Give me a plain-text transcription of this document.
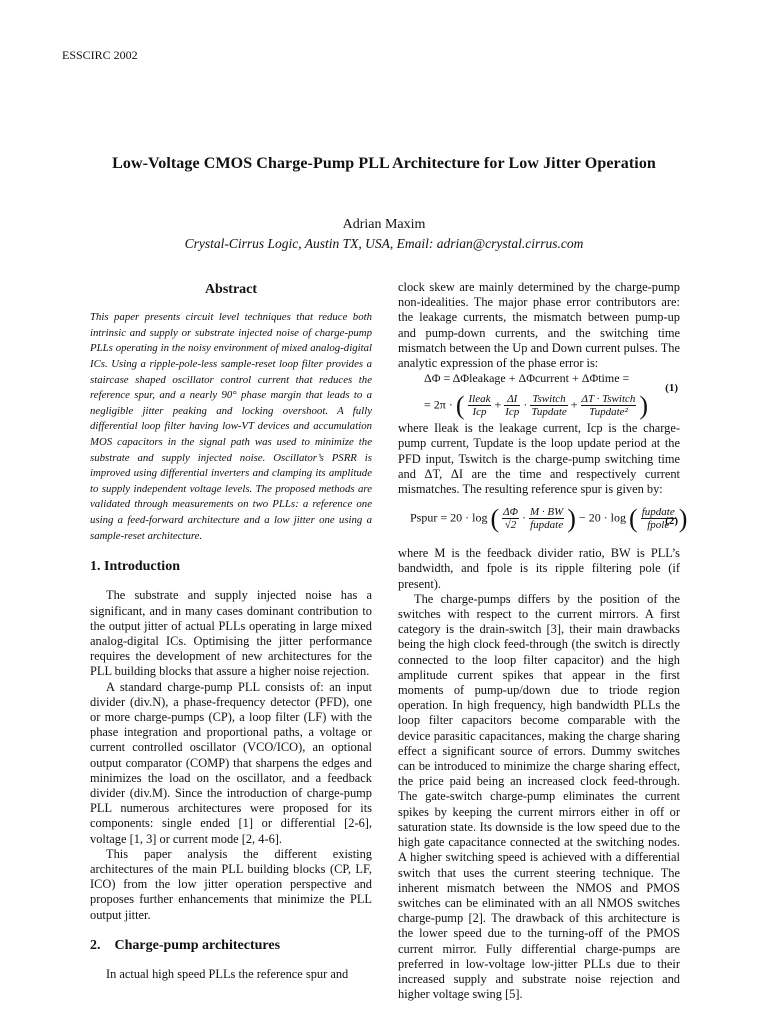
ESSCIRC 2002
Low-Voltage CMOS Charge-Pump PLL Architecture for Low Jitter Operation
Adrian Maxim
Crystal-Cirrus Logic, Austin TX, USA, Email: adrian@crystal.cirrus.com
Abstract

This paper presents circuit level techniques that reduce both intrinsic and supply or substrate injected noise of charge-pump PLLs operating in the noisy environment of mixed analog-digital ICs. Using a ripple-pole-less sample-reset loop filter provides a staircase shaped oscillator control current that reduces the reference spur, and a nearly 90° phase margin that leads to a negligible jitter peaking and locking overshoot. A fully differential loop filter having low-VT devices and accumulation MOS capacitors in the signal path was used to minimize the substrate and supply injected noise. Oscillator’s PSRR is improved using differential inverters and clamping its amplitude to supply independent voltage levels. The proposed methods are validated through measurements on two PLLs: a reference one using a feed-forward architecture and a low jitter one using a sample-reset architecture.

1. Introduction

The substrate and supply injected noise has a significant, and in many cases dominant contribution to the output jitter of actual PLLs operating in large mixed analog-digital ICs. Optimising the jitter performance requires the development of new architectures for the PLL building blocks that assure a higher noise rejection.

A standard charge-pump PLL consists of: an input divider (div.N), a phase-frequency detector (PFD), one or more charge-pumps (CP), a loop filter (LF) with the phase integration and proportional paths, a voltage or current controlled oscillator (VCO/ICO), an optional output comparator (COMP) that sharpens the edges and minimizes the load on the oscillator, and a feedback divider (div.M). Since the introduction of charge-pump PLL numerous architectures were proposed for its components: single ended [1] or differential [2-6], voltage [1, 3] or current mode [2, 4-6].

This paper analysis the different existing architectures of the main PLL building blocks (CP, LF, ICO) from the low jitter operation perspective and proposes further enhancements that minimize the PLL output jitter.

2.    Charge-pump architectures

In actual high speed PLLs the reference spur and

clock skew are mainly determined by the charge-pump non-idealities. The major phase error contributors are: the leakage currents, the mismatch between pump-up and pump-down currents, and the switching time mismatch between the Up and Down current pulses. The analytic expression of the phase error is:

ΔΦ = ΔΦleakage + ΔΦcurrent + ΔΦtime =
(1)
= 2π · ( $\frac{\text{Ileak}}{\text{Icp}} + \frac{\Delta I}{\text{Icp}} \cdot \frac{\text{Tswitch}}{\text{Tupdate}} + \frac{\text{ΔT · Tswitch}}{\text{Tupdate²}}$ )

where Ileak is the leakage current, Icp is the charge-pump current, Tupdate is the loop update period at the PFD input, Tswitch is the charge-pump switching time and ΔT, ΔI are the time and respectively current mismatches. The resulting reference spur is given by:

Pspur = 20 · log ( $\frac{\Delta\Phi}{√2} \cdot \frac{M \cdot BW}{\text{fupdate}}$ ) − 20 · log ( $\frac{\text{fupdate}}{\text{fpole}}$ )
(2)

where M is the feedback divider ratio, BW is PLL’s bandwidth, and fpole is its ripple filtering pole (if present).

The charge-pumps differs by the position of the switches with respect to the current mirrors. A first category is the drain-switch [3], their main drawbacks being the high clock feed-through (the switch is directly connected to the loop filter capacitor) and the high amplitude current spikes that appear in the first moments of pump-up/down due to triode region operation. In high frequency, high bandwidth PLLs the loop filter capacitors become comparable with the device parasitic capacitances, making the charge sharing effect a significant source of errors. Dummy switches can be introduced to minimize the charge sharing effect, the price paid being an increased clock feed-through. The gate-switch charge-pump eliminates the current spikes by keeping the current mirrors either in off or saturation state. Its downside is the low speed due to the high gate capacitance connected at the switching nodes. A higher switching speed is achieved with a differential switch that uses the current steering technique. The inherent mismatch between the NMOS and PMOS switches can be eliminated with an all NMOS switches charge-pump [2]. The drawback of this architecture is the lower speed due to the turning-off of the PMOS current mirror. Fully differential charge-pumps are preferred in low-voltage low-jitter PLLs due to their increased supply and substrate noise rejection and higher voltage swing [5].
